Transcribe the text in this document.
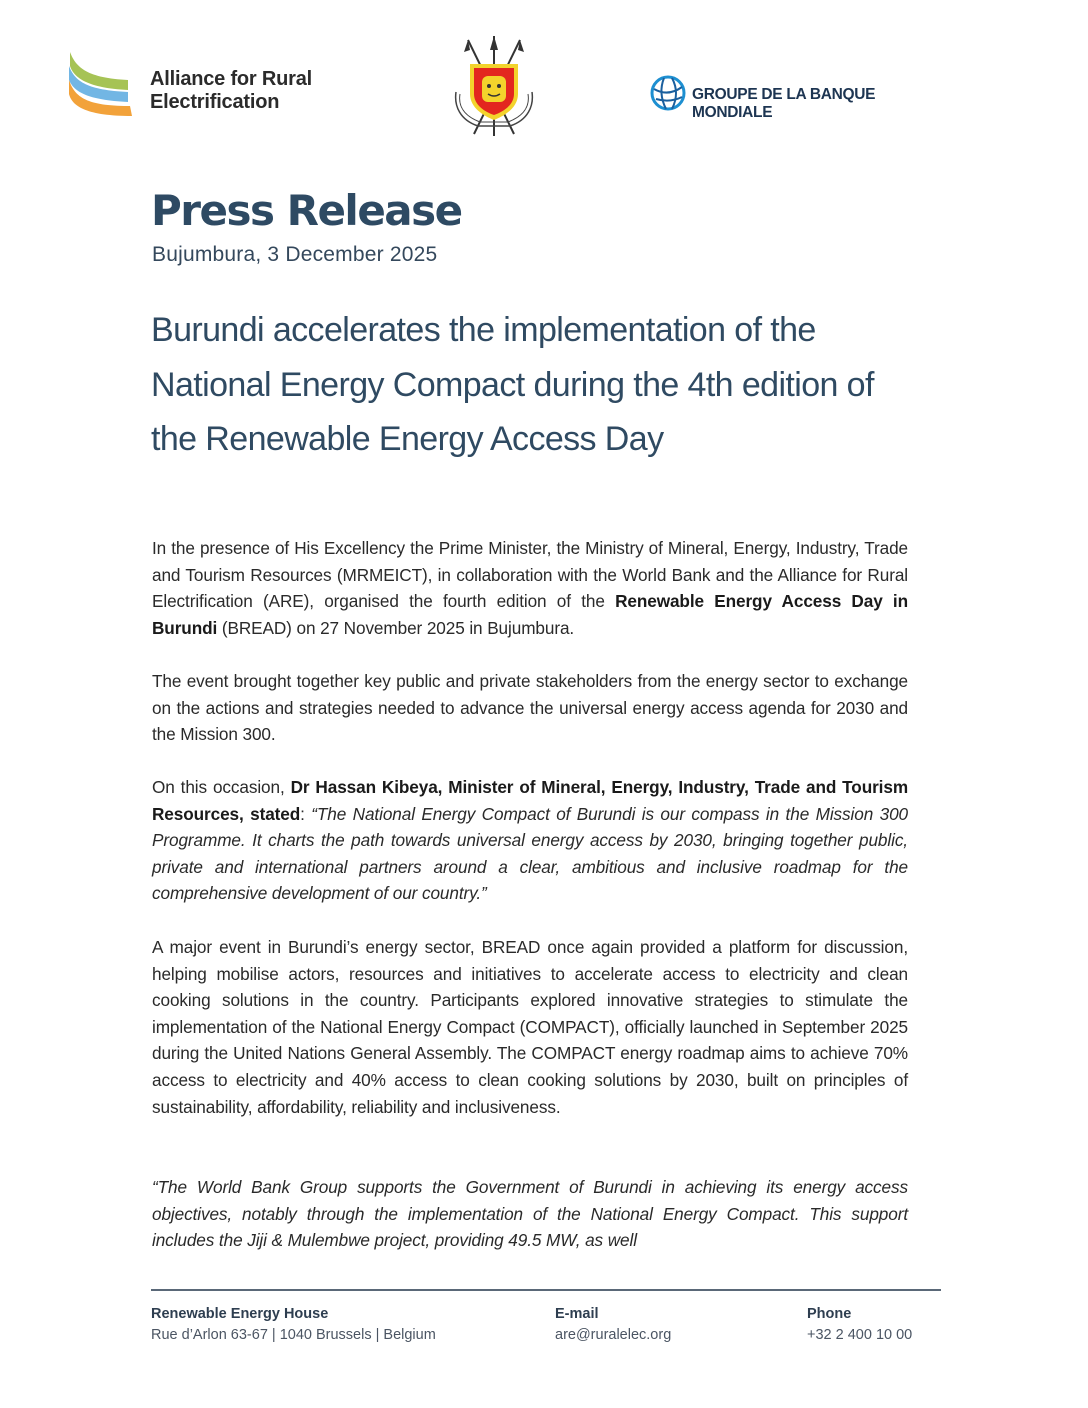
Alliance for Rural
Electrification	GROUPE DE LA BANQUE MONDIALE
Press Release
Bujumbura, 3 December 2025
Burundi accelerates the implementation of the National Energy Compact during the 4th edition of the Renewable Energy Access Day

In the presence of His Excellency the Prime Minister, the Ministry of Mineral, Energy, Industry, Trade and Tourism Resources (MRMEICT), in collaboration with the World Bank and the Alliance for Rural Electrification (ARE), organised the fourth edition of the Renewable Energy Access Day in Burundi (BREAD) on 27 November 2025 in Bujumbura.

The event brought together key public and private stakeholders from the energy sector to exchange on the actions and strategies needed to advance the universal energy access agenda for 2030 and the Mission 300.

On this occasion, Dr Hassan Kibeya, Minister of Mineral, Energy, Industry, Trade and Tourism Resources, stated: “The National Energy Compact of Burundi is our compass in the Mission 300 Programme. It charts the path towards universal energy access by 2030, bringing together public, private and international partners around a clear, ambitious and inclusive roadmap for the comprehensive development of our country.”

A major event in Burundi’s energy sector, BREAD once again provided a platform for discussion, helping mobilise actors, resources and initiatives to accelerate access to electricity and clean cooking solutions in the country. Participants explored innovative strategies to stimulate the implementation of the National Energy Compact (COMPACT), officially launched in September 2025 during the United Nations General Assembly. The COMPACT energy roadmap aims to achieve 70% access to electricity and 40% access to clean cooking solutions by 2030, built on principles of sustainability, affordability, reliability and inclusiveness.

“The World Bank Group supports the Government of Burundi in achieving its energy access objectives, notably through the implementation of the National Energy Compact. This support includes the Jiji & Mulembwe project, providing 49.5 MW, as well

Renewable Energy House
Rue d’Arlon 63-67 | 1040 Brussels | Belgium
E-mail
are@ruralelec.org
Phone
+32 2 400 10 00
